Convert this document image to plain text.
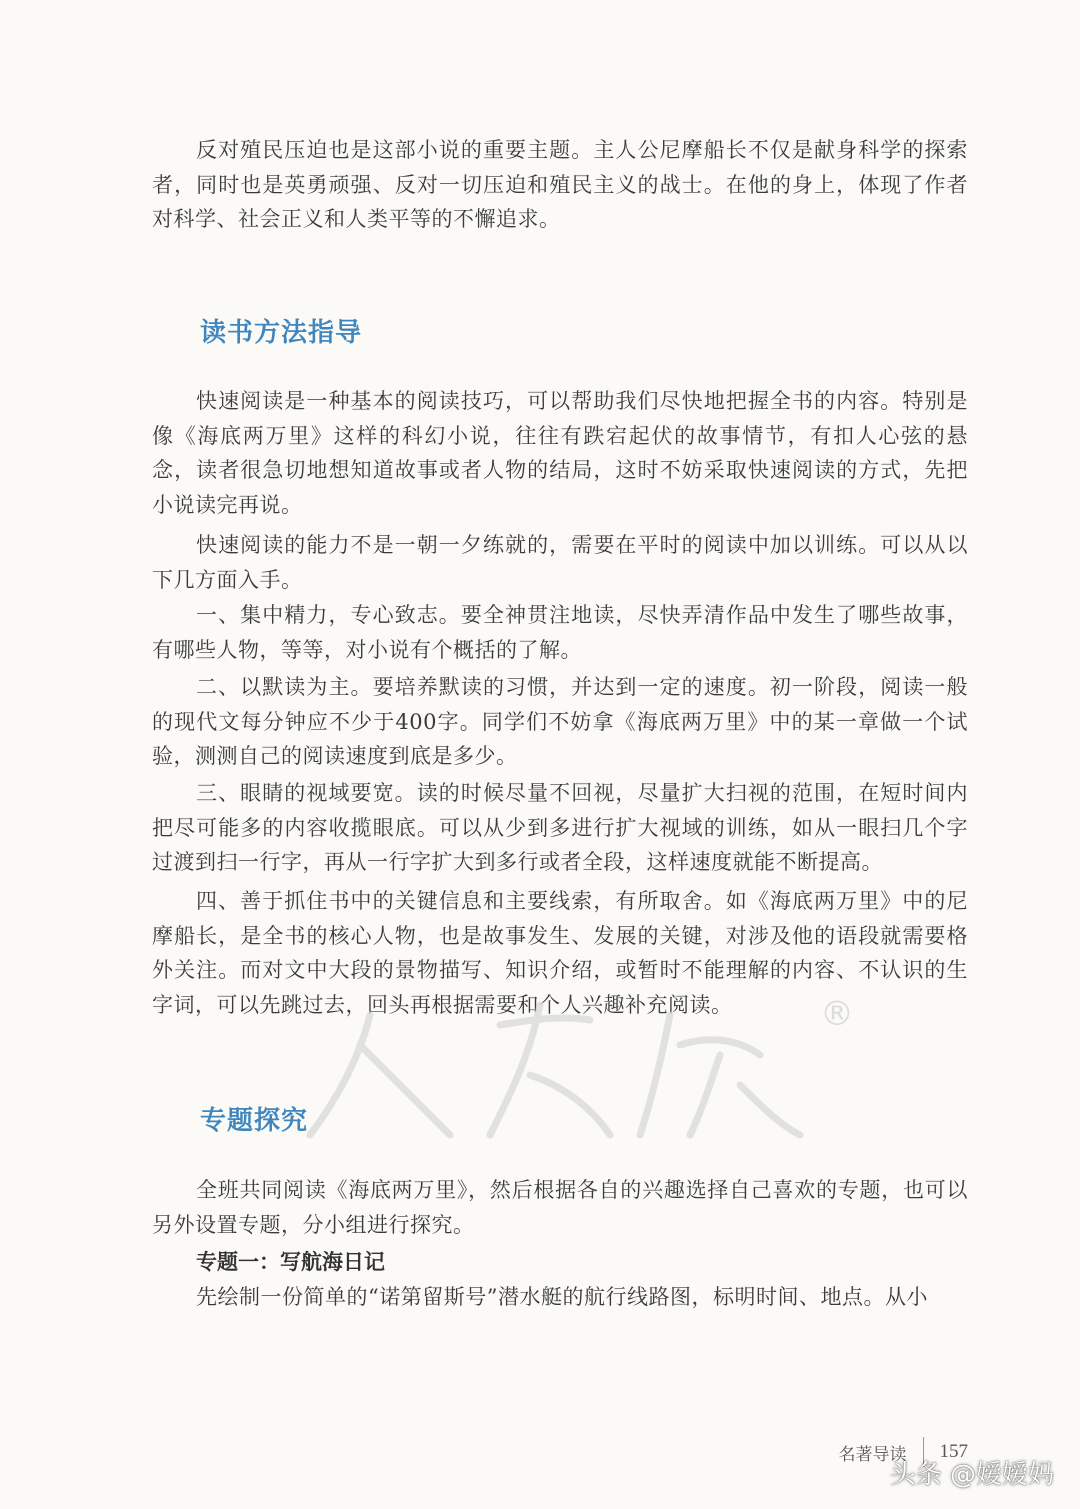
反对殖民压迫也是这部小说的重要主题。主人公尼摩船长不仅是献身科学的探索者，同时也是英勇顽强、反对一切压迫和殖民主义的战士。在他的身上，体现了作者对科学、社会正义和人类平等的不懈追求。

读书方法指导

快速阅读是一种基本的阅读技巧，可以帮助我们尽快地把握全书的内容。特别是像《海底两万里》这样的科幻小说，往往有跌宕起伏的故事情节，有扣人心弦的悬念，读者很急切地想知道故事或者人物的结局，这时不妨采取快速阅读的方式，先把小说读完再说。

快速阅读的能力不是一朝一夕练就的，需要在平时的阅读中加以训练。可以从以下几方面入手。

一、集中精力，专心致志。要全神贯注地读，尽快弄清作品中发生了哪些故事，有哪些人物，等等，对小说有个概括的了解。

二、以默读为主。要培养默读的习惯，并达到一定的速度。初一阶段，阅读一般的现代文每分钟应不少于400字。同学们不妨拿《海底两万里》中的某一章做一个试验，测测自己的阅读速度到底是多少。

三、眼睛的视域要宽。读的时候尽量不回视，尽量扩大扫视的范围，在短时间内把尽可能多的内容收揽眼底。可以从少到多进行扩大视域的训练，如从一眼扫几个字过渡到扫一行字，再从一行字扩大到多行或者全段，这样速度就能不断提高。

四、善于抓住书中的关键信息和主要线索，有所取舍。如《海底两万里》中的尼摩船长，是全书的核心人物，也是故事发生、发展的关键，对涉及他的语段就需要格外关注。而对文中大段的景物描写、知识介绍，或暂时不能理解的内容、不认识的生字词，可以先跳过去，回头再根据需要和个人兴趣补充阅读。	®
专题探究

全班共同阅读《海底两万里》，然后根据各自的兴趣选择自己喜欢的专题，也可以另外设置专题，分小组进行探究。

专题一：写航海日记

先绘制一份简单的“诺第留斯号”潜水艇的航行线路图，标明时间、地点。从小

名著导读 157
头条 @嫒嫒妈
